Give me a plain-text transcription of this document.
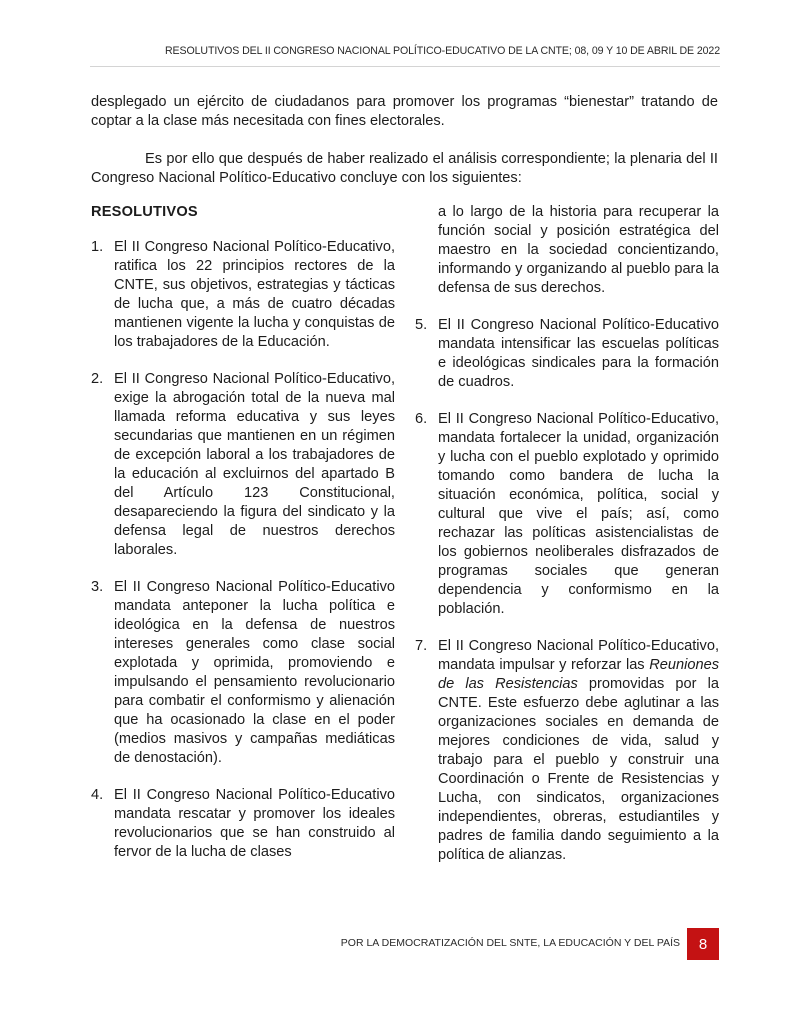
RESOLUTIVOS DEL II CONGRESO NACIONAL POLÍTICO-EDUCATIVO DE LA CNTE; 08, 09 Y 10 DE ABRIL DE 2022

desplegado un ejército de ciudadanos para promover los programas “bienestar” tratando de coptar a la clase más necesitada con fines electorales.

Es por ello que después de haber realizado el análisis correspondiente; la plenaria del II Congreso Nacional Político-Educativo concluye con los siguientes:

RESOLUTIVOS
1. El II Congreso Nacional Político-Educativo, ratifica los 22 principios rectores de la CNTE, sus objetivos, estrategias y tácticas de lucha que, a más de cuatro décadas mantienen vigente la lucha y conquistas de los trabajadores de la Educación.
2. El II Congreso Nacional Político-Educativo, exige la abrogación total de la nueva mal llamada reforma educativa y sus leyes secundarias que mantienen en un régimen de excepción laboral a los trabajadores de la educación al excluirnos del apartado B del Artículo 123 Constitucional, desapareciendo la figura del sindicato y la defensa legal de nuestros derechos laborales.
3. El II Congreso Nacional Político-Educativo mandata anteponer la lucha política e ideológica en la defensa de nuestros intereses generales como clase social explotada y oprimida, promoviendo e impulsando el pensamiento revolucionario para combatir el conformismo y alienación que ha ocasionado la clase en el poder (medios masivos y campañas mediáticas de denostación).
4. El II Congreso Nacional Político-Educativo mandata rescatar y promover los ideales revolucionarios que se han construido al fervor de la lucha de clases
a lo largo de la historia para recuperar la función social y posición estratégica del maestro en la sociedad concientizando, informando y organizando al pueblo para la defensa de sus derechos.
5. El II Congreso Nacional Político-Educativo mandata intensificar las escuelas políticas e ideológicas sindicales para la formación de cuadros.
6. El II Congreso Nacional Político-Educativo, mandata fortalecer la unidad, organización y lucha con el pueblo explotado y oprimido tomando como bandera de lucha la situación económica, política, social y cultural que vive el país; así, como rechazar las políticas asistencialistas de los gobiernos neoliberales disfrazados de programas sociales que generan dependencia y conformismo en la población.
7. El II Congreso Nacional Político-Educativo, mandata impulsar y reforzar las Reuniones de las Resistencias promovidas por la CNTE. Este esfuerzo debe aglutinar a las organizaciones sociales en demanda de mejores condiciones de vida, salud y trabajo para el pueblo y construir una Coordinación o Frente de Resistencias y Lucha, con sindicatos, organizaciones independientes, obreras, estudiantiles y padres de familia dando seguimiento a la política de alianzas.
POR LA DEMOCRATIZACIÓN DEL SNTE, LA EDUCACIÓN Y DEL PAÍS 8
